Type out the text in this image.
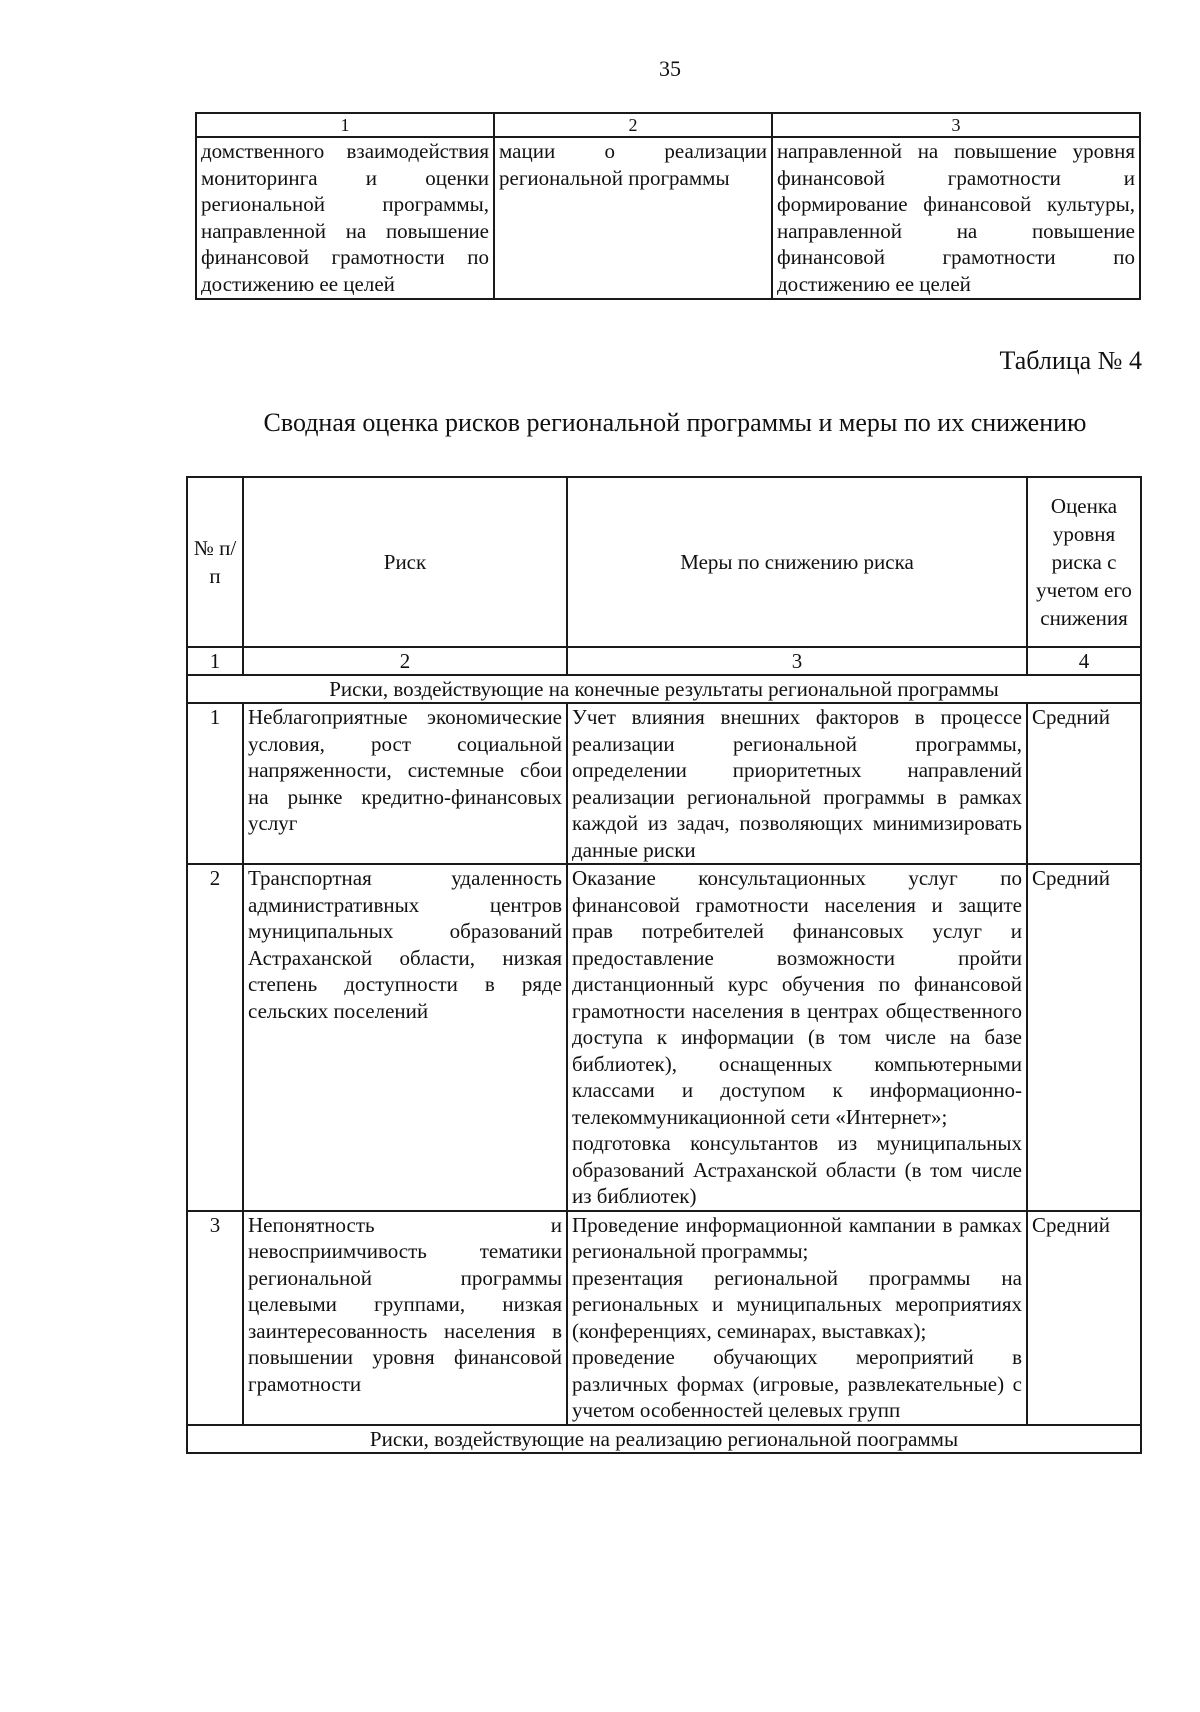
35
1	2	3
домственного взаимодействия мониторинга и оценки региональной программы, направленной на повышение финансовой грамотности по достижению ее целей	мации о реализации региональной программы	направленной на повышение уровня финансовой грамотности и формирование финансовой культуры, направленной на повышение финансовой грамотности по достижению ее целей
Таблица № 4
Сводная оценка рисков региональной программы и меры по их снижению
№ п/п	Риск	Меры по снижению риска	Оценка уровня риска с учетом его снижения
1	2	3	4
Риски, воздействующие на конечные результаты региональной программы			
1	Неблагоприятные экономические условия, рост социальной напряженности, системные сбои на рынке кредитно-финансовых услуг	Учет влияния внешних факторов в процессе реализации региональной программы, определении приоритетных направлений реализации региональной программы в рамках каждой из задач, позволяющих минимизировать данные риски	Средний
2	Транспортная удаленность административных центров муниципальных образований Астраханской области, низкая степень доступности в ряде сельских поселений	Оказание консультационных услуг по финансовой грамотности населения и защите прав потребителей финансовых услуг и предоставление возможности пройти дистанционный курс обучения по финансовой грамотности населения в центрах общественного доступа к информации (в том числе на базе библиотек), оснащенных компьютерными классами и доступом к информационно-телекоммуникационной сети «Интернет»;
подготовка консультантов из муниципальных образований Астраханской области (в том числе из библиотек)	Средний
3	Непонятность и невосприимчивость тематики региональной программы целевыми группами, низкая заинтересованность населения в повышении уровня финансовой грамотности	Проведение информационной кампании в рамках региональной программы;
презентация региональной программы на региональных и муниципальных мероприятиях (конференциях, семинарах, выставках);
проведение обучающих мероприятий в различных формах (игровые, развлекательные) с учетом особенностей целевых групп	Средний
Риски, воздействующие на реализацию региональной поограммы			
